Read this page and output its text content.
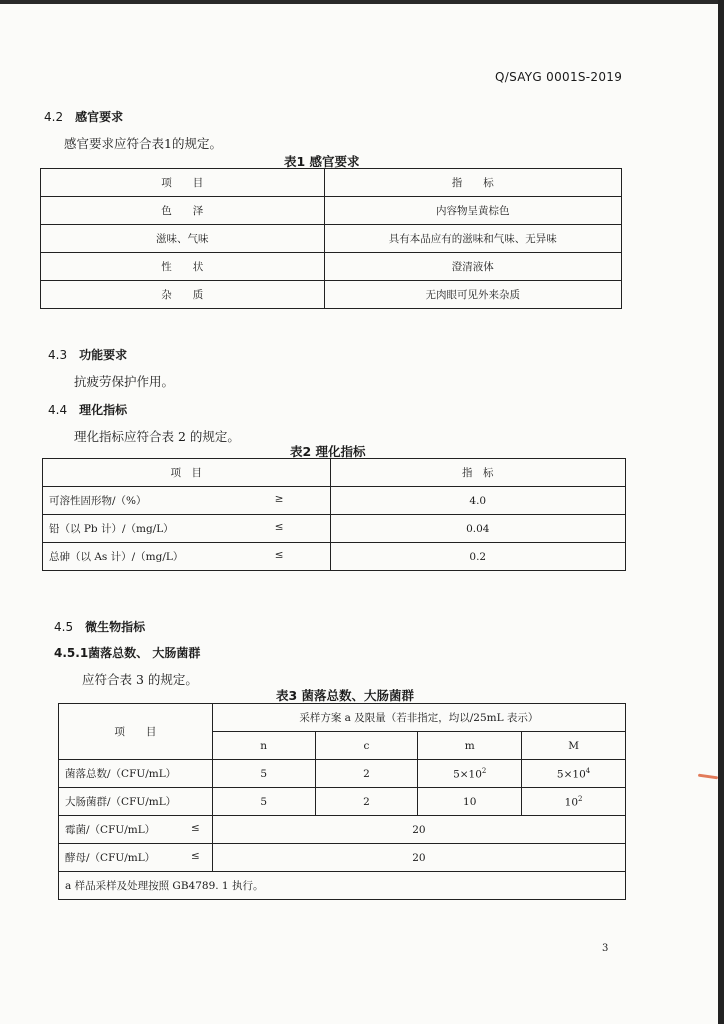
Q/SAYG 0001S-2019
4.2 感官要求
感官要求应符合表1的规定。
表1 感官要求
项　　目	指　　标
色　　泽	内容物呈黄棕色
滋味、气味	具有本品应有的滋味和气味、无异味
性　　状	澄清液体
杂　　质	无肉眼可见外来杂质
4.3 功能要求
抗疲劳保护作用。
4.4 理化指标
理化指标应符合表 2 的规定。
表2 理化指标
项　目	指　标
可溶性固形物/（%） ≥	4.0
铅（以 Pb 计）/（mg/L） ≤	0.04
总砷（以 As 计）/（mg/L） ≤	0.2
4.5 微生物指标
4.5.1菌落总数、 大肠菌群
应符合表 3 的规定。
表3 菌落总数、大肠菌群
项　　目	采样方案 a 及限量（若非指定，均以/25mL 表示）			
	n	c	m	M
菌落总数/（CFU/mL）	5	2	$5\times 10^2$	$5\times 10^4$
大肠菌群/（CFU/mL）	5	2	10	$10^2$
霉菌/（CFU/mL） ≤	20			
酵母/（CFU/mL） ≤	20			
a 样品采样及处理按照 GB4789. 1 执行。				
3
